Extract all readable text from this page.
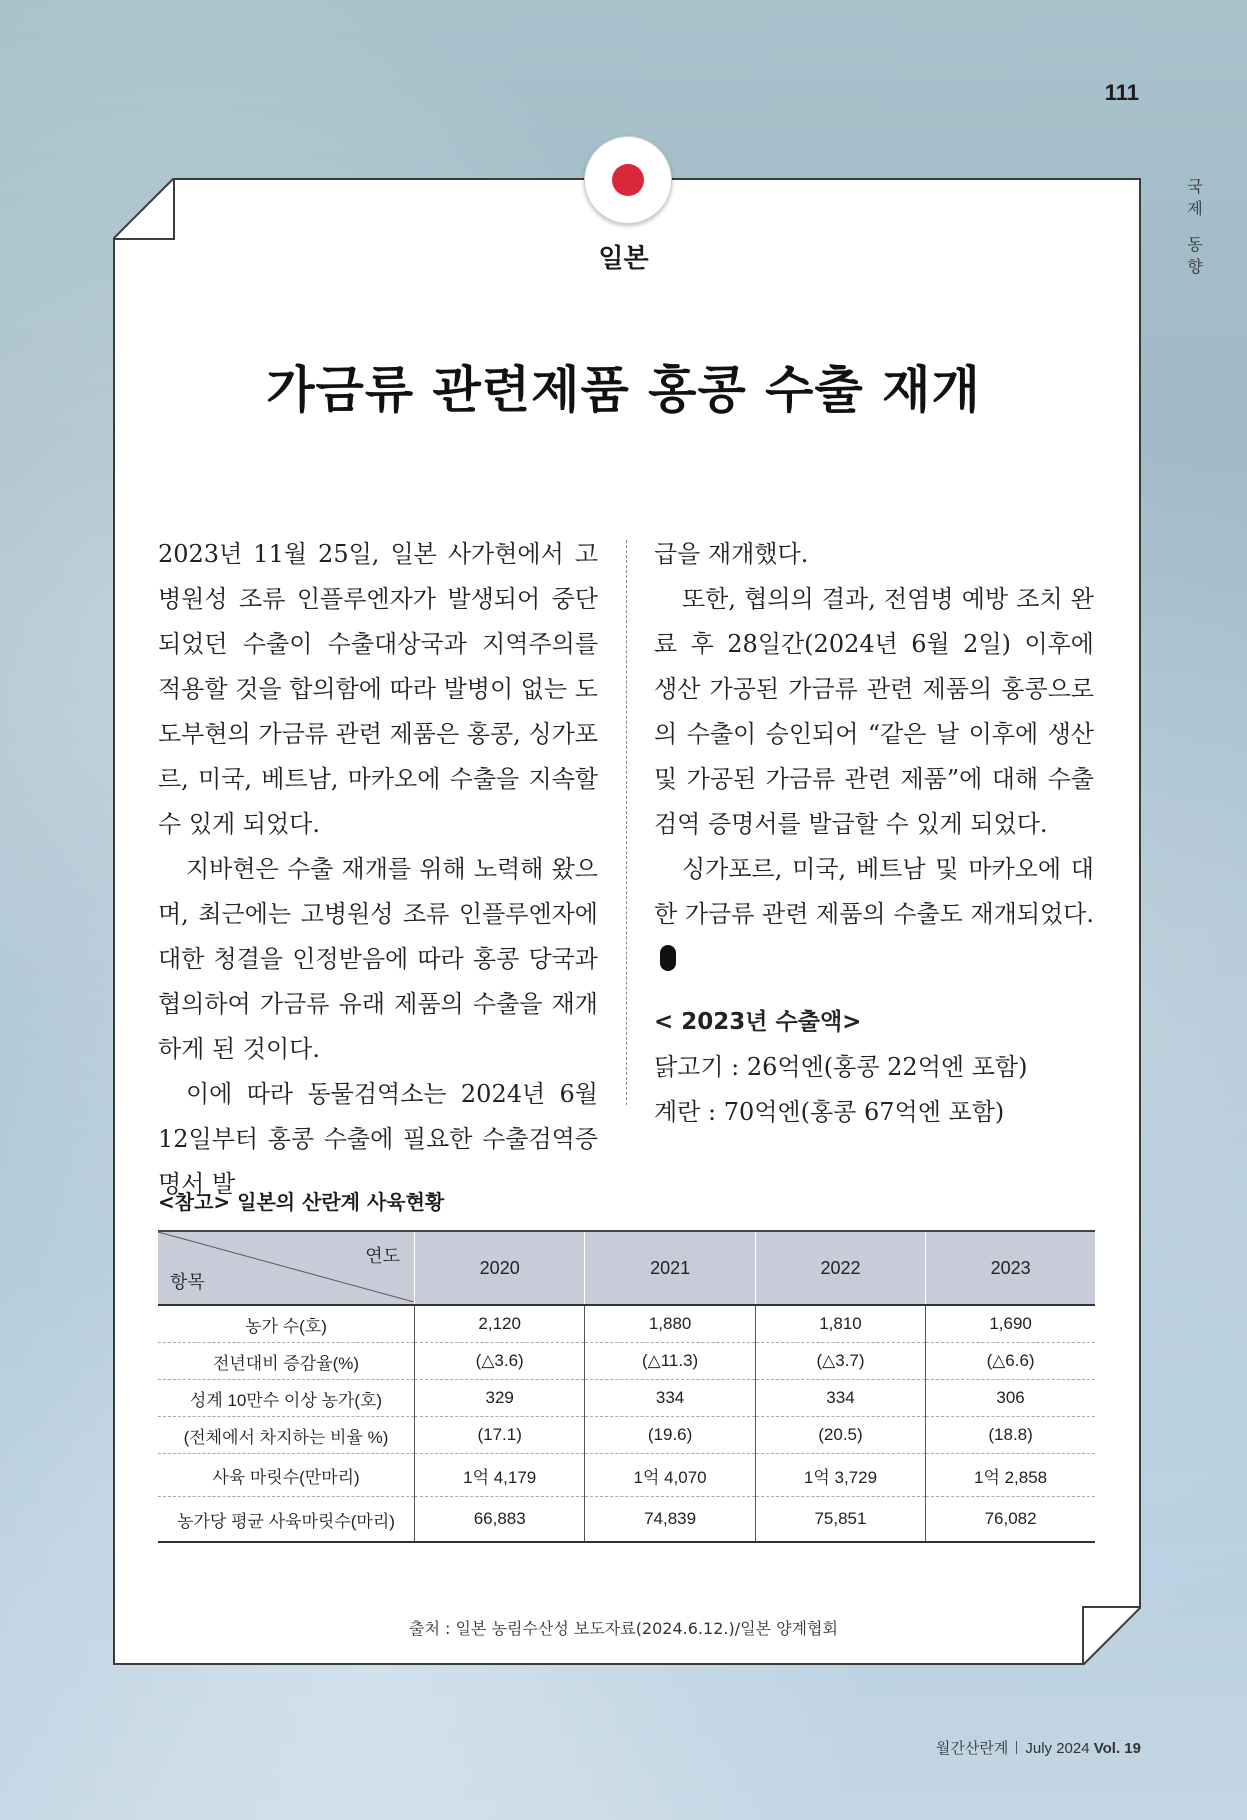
111
국
제
동
향
일본
가금류 관련제품 홍콩 수출 재개

2023년 11월 25일, 일본 사가현에서 고병원성 조류 인플루엔자가 발생되어 중단되었던 수출이 수출대상국과 지역주의를 적용할 것을 합의함에 따라 발병이 없는 도도부현의 가금류 관련 제품은 홍콩, 싱가포르, 미국, 베트남, 마카오에 수출을 지속할 수 있게 되었다.

지바현은 수출 재개를 위해 노력해 왔으며, 최근에는 고병원성 조류 인플루엔자에 대한 청결을 인정받음에 따라 홍콩 당국과 협의하여 가금류 유래 제품의 수출을 재개하게 된 것이다.

이에 따라 동물검역소는 2024년 6월 12일부터 홍콩 수출에 필요한 수출검역증명서 발

급을 재개했다.

또한, 협의의 결과, 전염병 예방 조치 완료 후 28일간(2024년 6월 2일) 이후에 생산 가공된 가금류 관련 제품의 홍콩으로의 수출이 승인되어 “같은 날 이후에 생산 및 가공된 가금류 관련 제품”에 대해 수출 검역 증명서를 발급할 수 있게 되었다.

싱가포르, 미국, 베트남 및 마카오에 대한 가금류 관련 제품의 수출도 재개되었다.

< 2023년 수출액>

닭고기 : 26억엔(홍콩 22억엔 포함)

계란 : 70억엔(홍콩 67억엔 포함)

<참고> 일본의 산란계 사육현황
연도
항목	2020	2021	2022	2023
농가 수(호)	2,120	1,880	1,810	1,690
전년대비 증감율(%)	(△3.6)	(△11.3)	(△3.7)	(△6.6)
성계 10만수 이상 농가(호)	329	334	334	306
(전체에서 차지하는 비율 %)	(17.1)	(19.6)	(20.5)	(18.8)
사육 마릿수(만마리)	1억 4,179	1억 4,070	1억 3,729	1억 2,858
농가당 평균 사육마릿수(마리)	66,883	74,839	75,851	76,082
출처 : 일본 농림수산성 보도자료(2024.6.12.)/일본 양계협회
월간산란계 July 2024 Vol. 19
